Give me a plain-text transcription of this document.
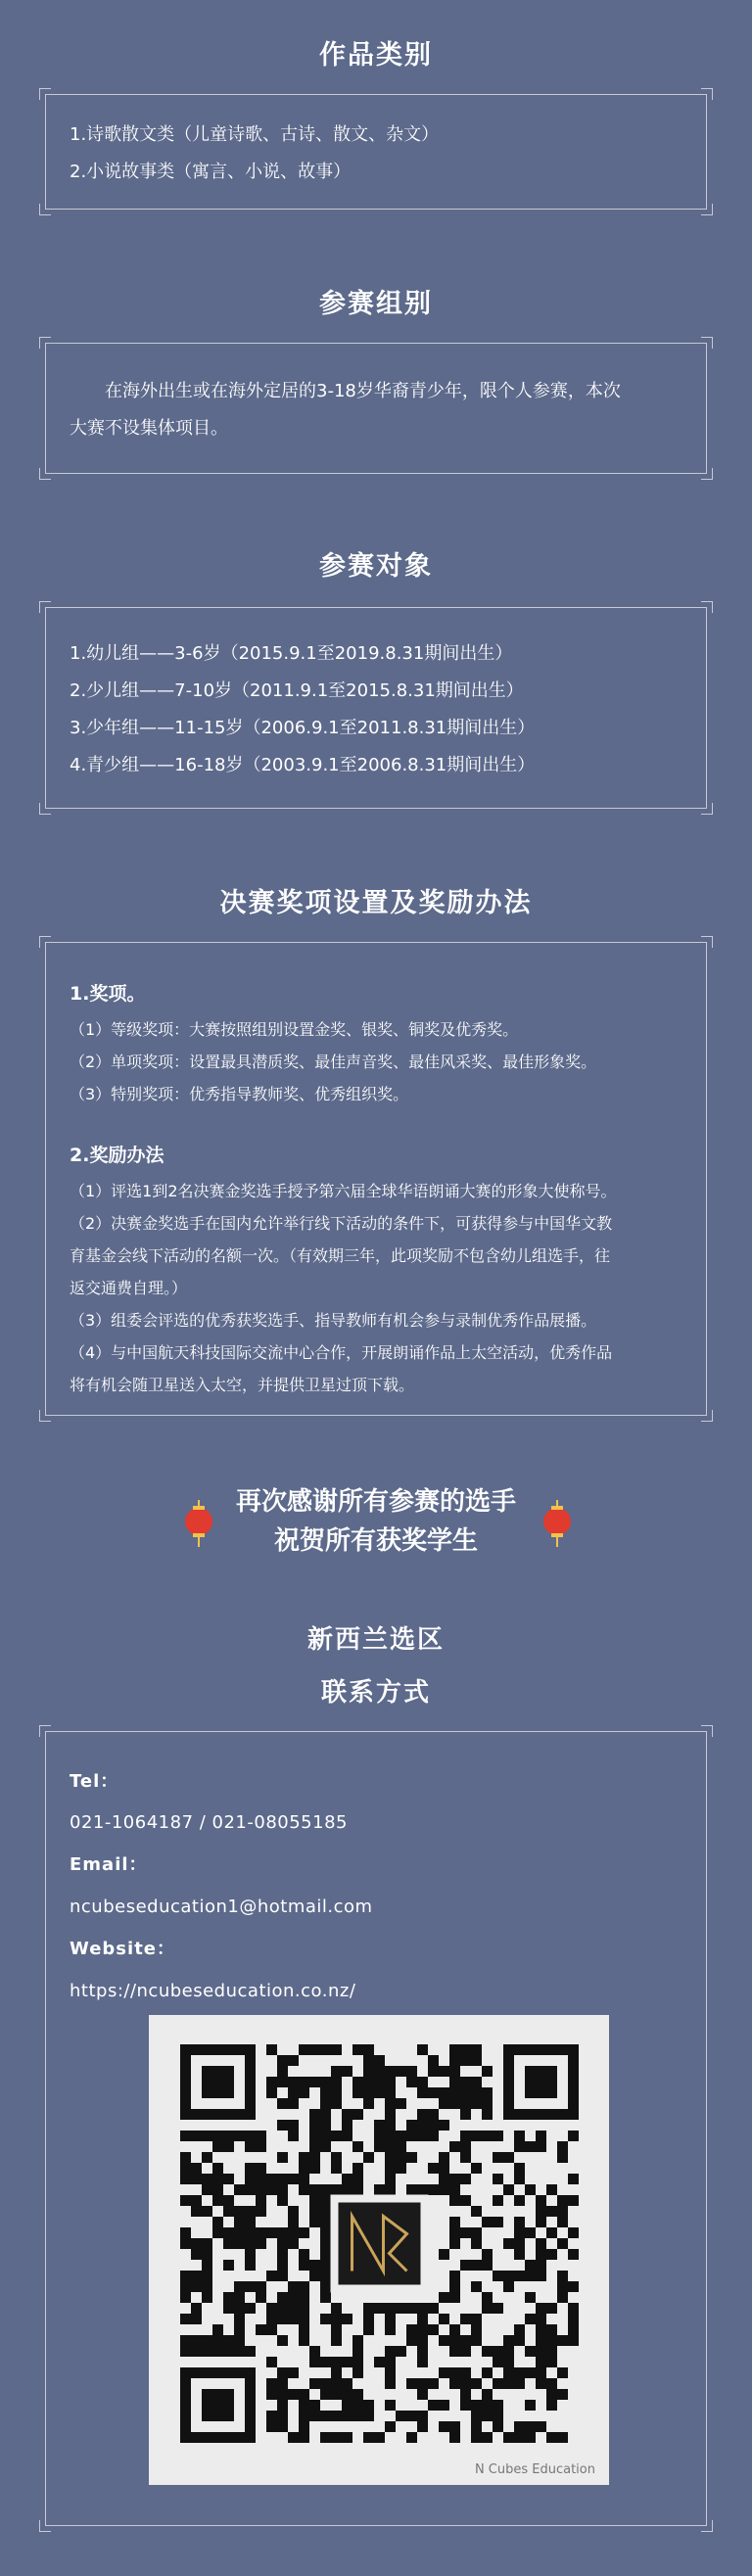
作品类别
1.诗歌散文类（儿童诗歌、古诗、散文、杂文）
2.小说故事类（寓言、小说、故事）
参赛组别
在海外出生或在海外定居的3-18岁华裔青少年，限个人参赛，本次
大赛不设集体项目。
参赛对象
1.幼儿组——3-6岁（2015.9.1至2019.8.31期间出生）
2.少儿组——7-10岁（2011.9.1至2015.8.31期间出生）
3.少年组——11-15岁（2006.9.1至2011.8.31期间出生）
4.青少组——16-18岁（2003.9.1至2006.8.31期间出生）
决赛奖项设置及奖励办法
1.奖项。
（1）等级奖项：大赛按照组别设置金奖、银奖、铜奖及优秀奖。
（2）单项奖项：设置最具潜质奖、最佳声音奖、最佳风采奖、最佳形象奖。
（3）特别奖项：优秀指导教师奖、优秀组织奖。
2.奖励办法
（1）评选1到2名决赛金奖选手授予第六届全球华语朗诵大赛的形象大使称号。
（2）决赛金奖选手在国内允许举行线下活动的条件下，可获得参与中国华文教
育基金会线下活动的名额一次。（有效期三年，此项奖励不包含幼儿组选手，往
返交通费自理。）
（3）组委会评选的优秀获奖选手、指导教师有机会参与录制优秀作品展播。
（4）与中国航天科技国际交流中心合作，开展朗诵作品上太空活动，优秀作品
将有机会随卫星送入太空，并提供卫星过顶下载。
再次感谢所有参赛的选手
祝贺所有获奖学生
新西兰选区
联系方式
Tel：
021-1064187 / 021-08055185
Email：
ncubeseducation1@hotmail.com
Website：
https://ncubeseducation.co.nz/
N Cubes Education
